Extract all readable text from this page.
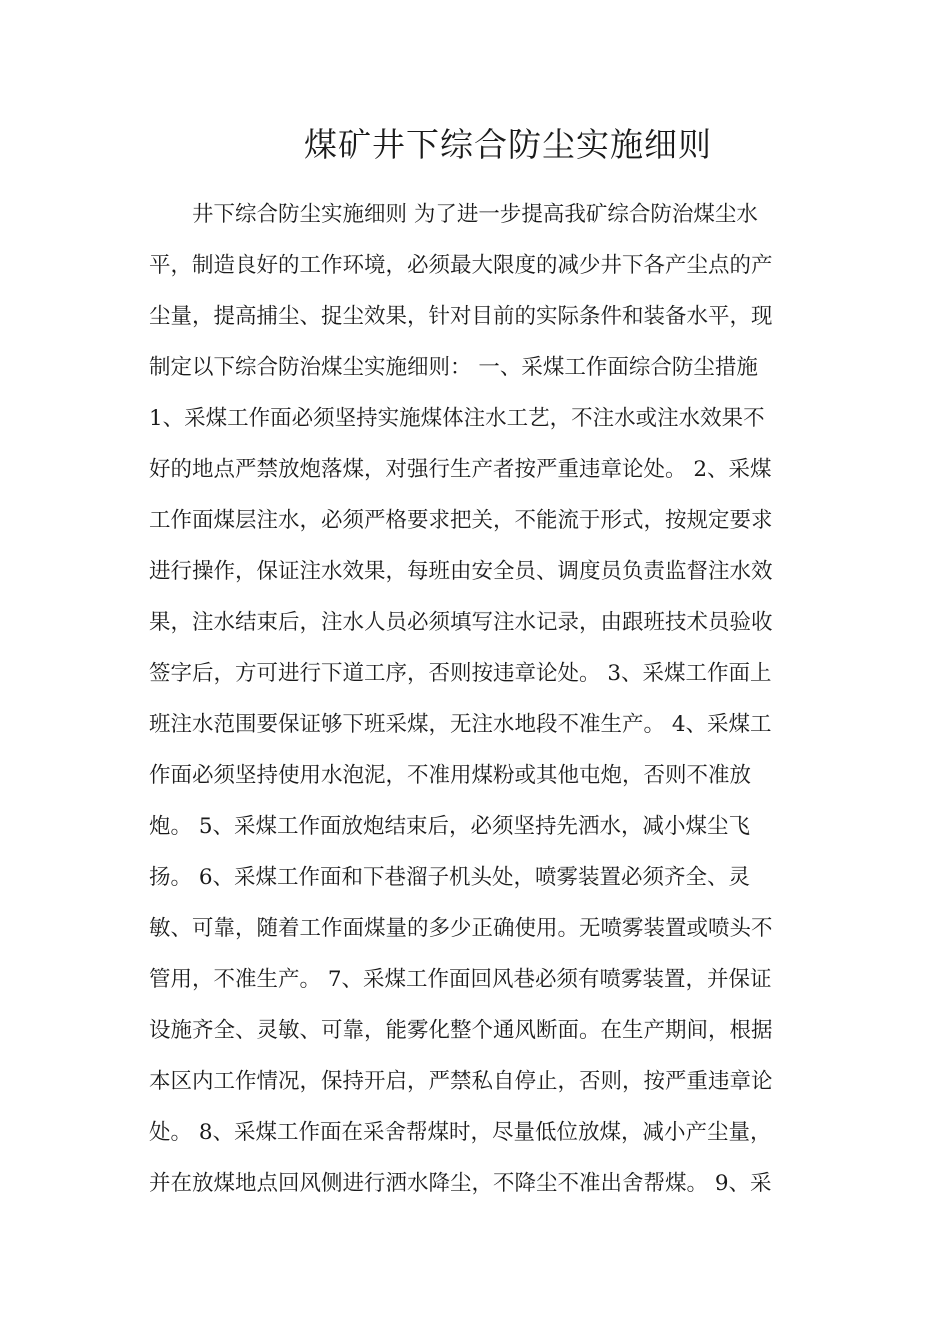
煤矿井下综合防尘实施细则
　　井下综合防尘实施细则 为了进一步提高我矿综合防治煤尘水
平，制造良好的工作环境，必须最大限度的减少井下各产尘点的产
尘量，提高捕尘、捉尘效果，针对目前的实际条件和装备水平，现
制定以下综合防治煤尘实施细则： 一、采煤工作面综合防尘措施
1、采煤工作面必须坚持实施煤体注水工艺，不注水或注水效果不
好的地点严禁放炮落煤，对强行生产者按严重违章论处。 2、采煤
工作面煤层注水，必须严格要求把关，不能流于形式，按规定要求
进行操作，保证注水效果，每班由安全员、调度员负责监督注水效
果，注水结束后，注水人员必须填写注水记录，由跟班技术员验收
签字后，方可进行下道工序，否则按违章论处。 3、采煤工作面上
班注水范围要保证够下班采煤，无注水地段不准生产。 4、采煤工
作面必须坚持使用水泡泥，不准用煤粉或其他屯炮，否则不准放
炮。 5、采煤工作面放炮结束后，必须坚持先洒水，减小煤尘飞
扬。 6、采煤工作面和下巷溜子机头处，喷雾装置必须齐全、灵
敏、可靠，随着工作面煤量的多少正确使用。无喷雾装置或喷头不
管用，不准生产。 7、采煤工作面回风巷必须有喷雾装置，并保证
设施齐全、灵敏、可靠，能雾化整个通风断面。在生产期间，根据
本区内工作情况，保持开启，严禁私自停止，否则，按严重违章论
处。 8、采煤工作面在采舍帮煤时，尽量低位放煤，减小产尘量，
并在放煤地点回风侧进行洒水降尘，不降尘不准出舍帮煤。 9、采
